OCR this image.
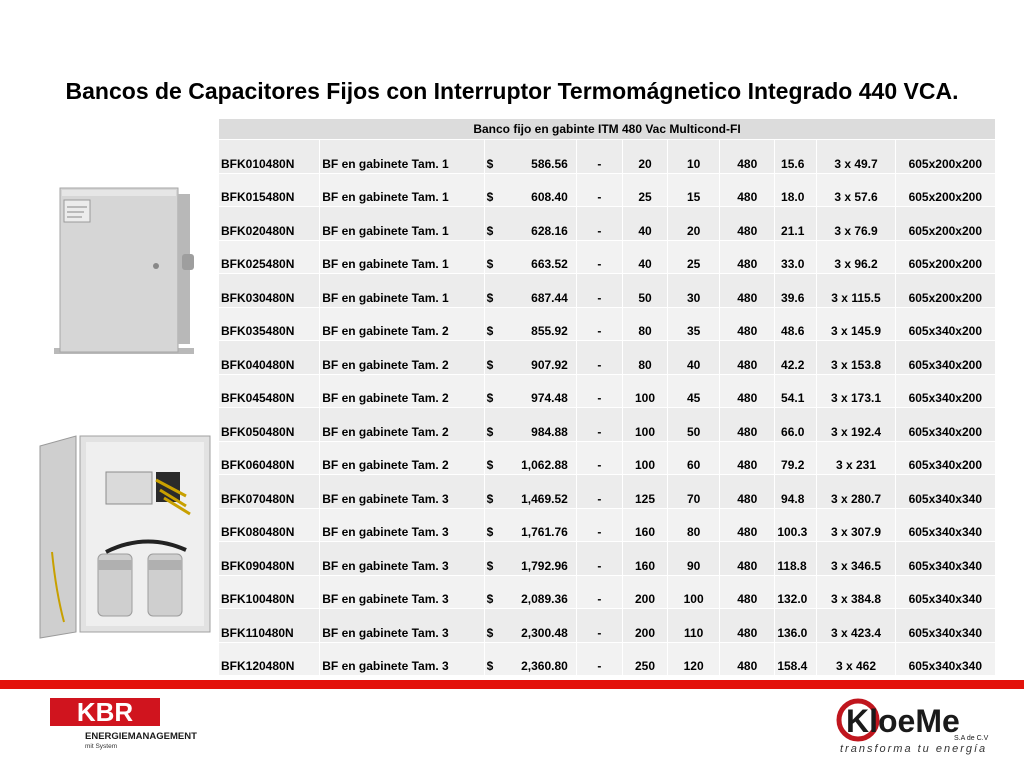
Bancos de Capacitores Fijos con Interruptor Termomágnetico Integrado 440 VCA.
Banco fijo en gabinte ITM 480 Vac Multicond-FI									
BFK010480N	BF en gabinete Tam. 1	$ 586.56	-	20	10	480	15.6	3 x 49.7	605x200x200
BFK015480N	BF en gabinete Tam. 1	$ 608.40	-	25	15	480	18.0	3 x 57.6	605x200x200
BFK020480N	BF en gabinete Tam. 1	$ 628.16	-	40	20	480	21.1	3 x 76.9	605x200x200
BFK025480N	BF en gabinete Tam. 1	$ 663.52	-	40	25	480	33.0	3 x 96.2	605x200x200
BFK030480N	BF en gabinete Tam. 1	$ 687.44	-	50	30	480	39.6	3 x 115.5	605x200x200
BFK035480N	BF en gabinete Tam. 2	$ 855.92	-	80	35	480	48.6	3 x 145.9	605x340x200
BFK040480N	BF en gabinete Tam. 2	$ 907.92	-	80	40	480	42.2	3 x 153.8	605x340x200
BFK045480N	BF en gabinete Tam. 2	$ 974.48	-	100	45	480	54.1	3 x 173.1	605x340x200
BFK050480N	BF en gabinete Tam. 2	$ 984.88	-	100	50	480	66.0	3 x 192.4	605x340x200
BFK060480N	BF en gabinete Tam. 2	$ 1,062.88	-	100	60	480	79.2	3 x 231	605x340x200
BFK070480N	BF en gabinete Tam. 3	$ 1,469.52	-	125	70	480	94.8	3 x 280.7	605x340x340
BFK080480N	BF en gabinete Tam. 3	$ 1,761.76	-	160	80	480	100.3	3 x 307.9	605x340x340
BFK090480N	BF en gabinete Tam. 3	$ 1,792.96	-	160	90	480	118.8	3 x 346.5	605x340x340
BFK100480N	BF en gabinete Tam. 3	$ 2,089.36	-	200	100	480	132.0	3 x 384.8	605x340x340
BFK110480N	BF en gabinete Tam. 3	$ 2,300.48	-	200	110	480	136.0	3 x 423.4	605x340x340
BFK120480N	BF en gabinete Tam. 3	$ 2,360.80	-	250	120	480	158.4	3 x 462	605x340x340
KBR
ENERGIEMANAGEMENT
mit System
KloeMe
S.A de C.V
transforma tu energía
